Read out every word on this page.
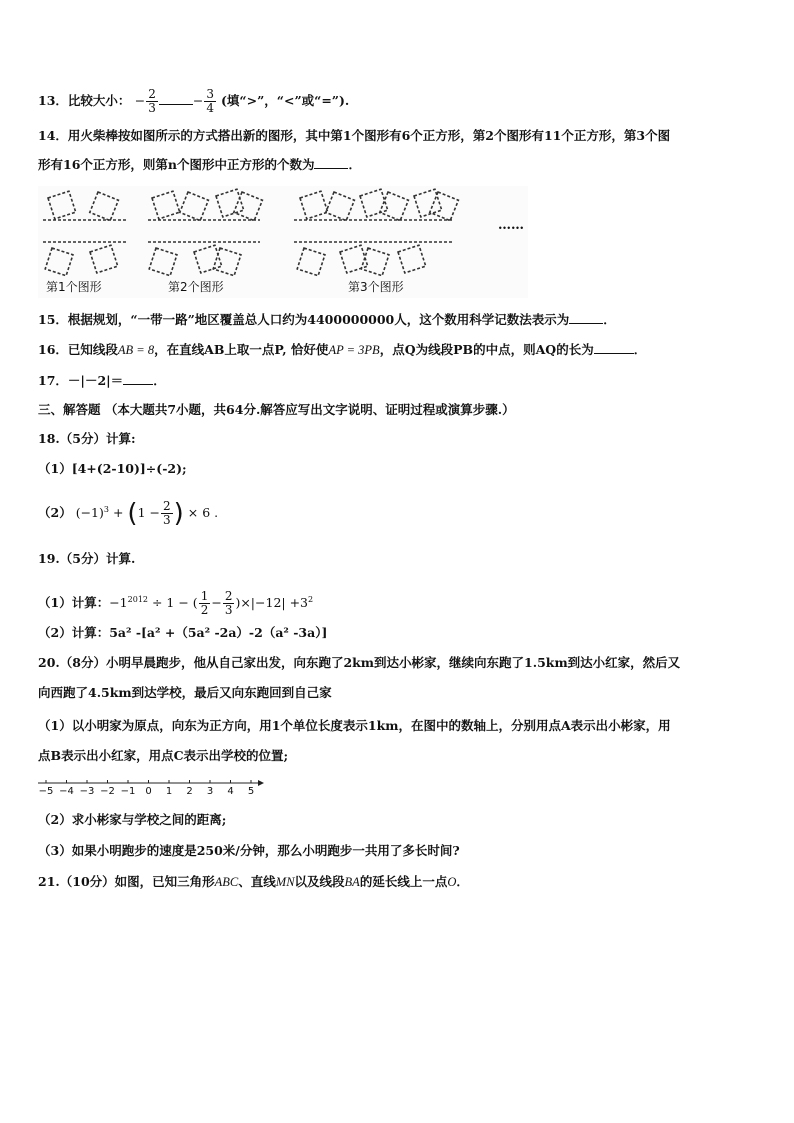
13．比较大小： − $\frac{2}{3}$	− $\frac{3}{4}$ (填“>”，“<”或“=”).
14．用火柴棒按如图所示的方式搭出新的图形，其中第1个图形有6个正方形，第2个图形有11个正方形，第3个图
形有16个正方形，则第n个图形中正方形的个数为	．
第1个图形	第2个图形	第3个图形
……
15．根据规划，“一带一路”地区覆盖总人口约为4400000000人，这个数用科学记数法表示为	．
16．已知线段AB = 8，在直线AB上取一点P, 恰好使AP = 3PB，点Q为线段PB的中点，则AQ的长为	．
17．－|－2|＝ ．
三、解答题 （本大题共7小题，共64分.解答应写出文字说明、证明过程或演算步骤.）
18.（5分）计算:
（1）[4+(2-10)]÷(-2);
（2） $(-1)^3 + (1 - \frac{2}{3}$ ) × 6 .
19.（5分）计算.
（1）计算：$-1^{2012} \div 1$ − ( $\frac{1}{2} - \frac{2}{3} )\times|-12| +3^2$
（2）计算：5a² -[a² +（5a² -2a）-2（a² -3a）]
20.（8分）小明早晨跑步，他从自己家出发，向东跑了2km到达小彬家，继续向东跑了1.5km到达小红家，然后又
向西跑了4.5km到达学校，最后又向东跑回到自己家
（1）以小明家为原点，向东为正方向，用1个单位长度表示1km，在图中的数轴上，分别用点A表示出小彬家，用
点B表示出小红家，用点C表示出学校的位置;
−5 −4 −3 −2 −1 0 1 2 3 4 5
（2）求小彬家与学校之间的距离;
（3）如果小明跑步的速度是250米/分钟，那么小明跑步一共用了多长时间?
21.（10分）如图，已知三角形ABC、直线MN以及线段BA的延长线上一点O．
